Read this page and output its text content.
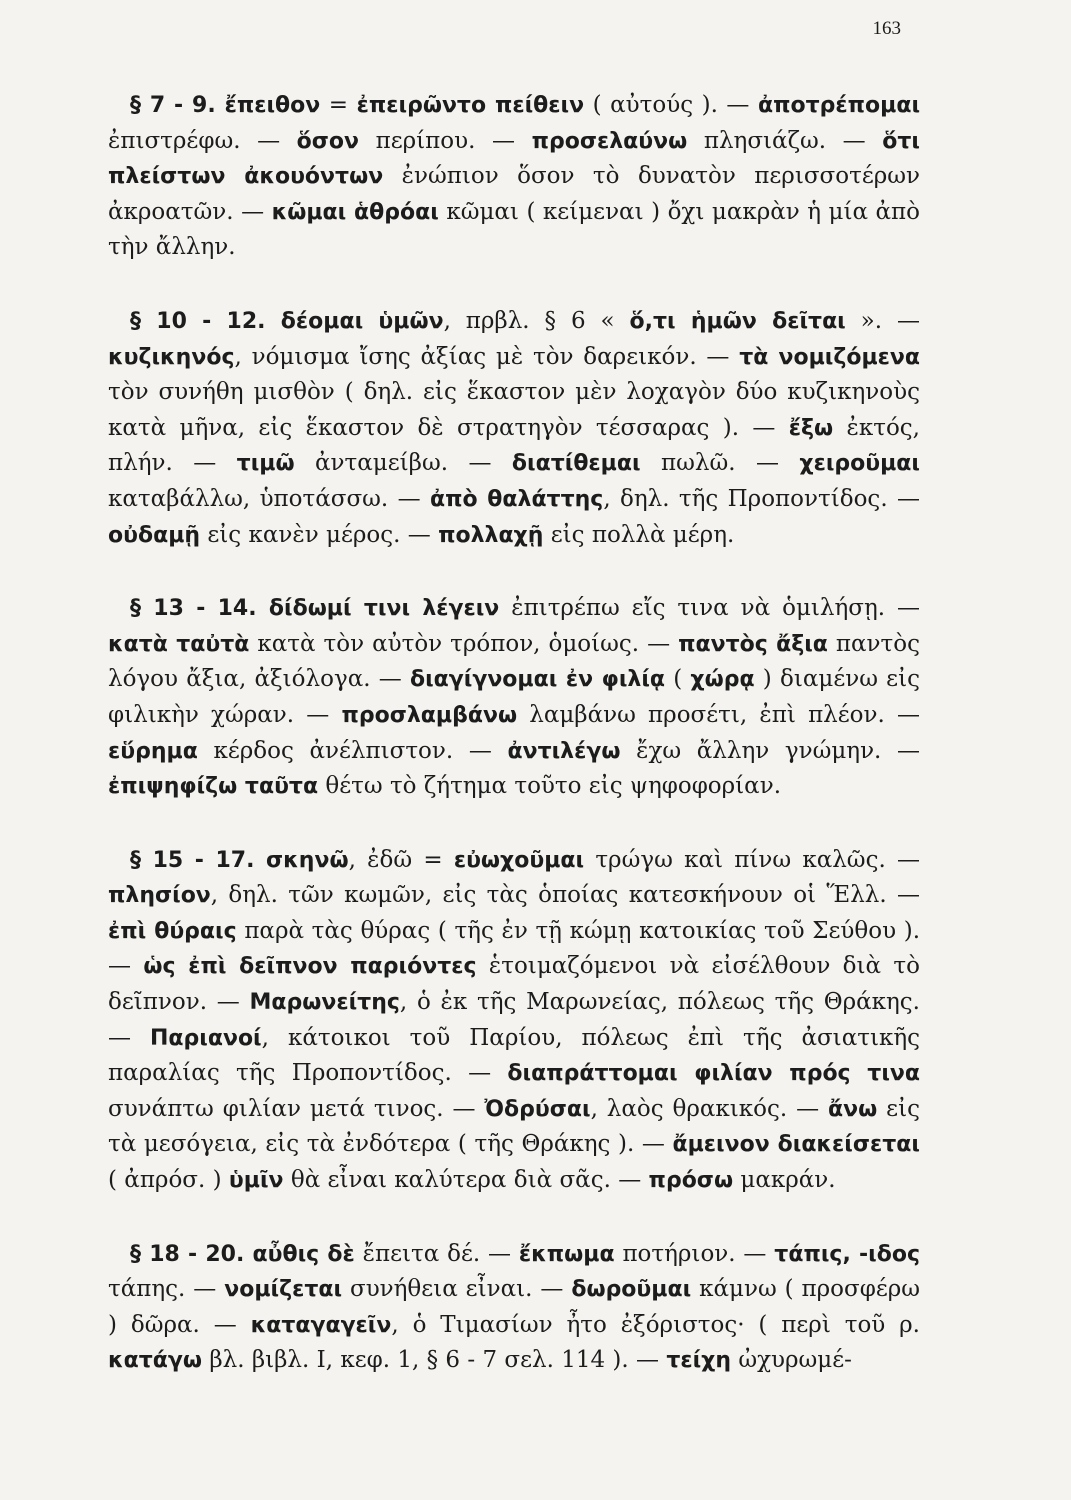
163

§ 7 - 9. ἔπειθον = ἐπειρῶντο πείθειν ( αὐτούς ). — ἀποτρέπομαι ἐπιστρέφω. — ὅσον περίπου. — προσελαύνω πλησιάζω. — ὅτι πλείστων ἀκουόντων ἐνώπιον ὅσον τὸ δυνατὸν περισσοτέρων ἀκροατῶν. — κῶμαι ἁθρόαι κῶμαι ( κείμεναι ) ὄχι μακρὰν ἡ μία ἀπὸ τὴν ἄλλην.

§ 10 - 12. δέομαι ὑμῶν, πρβλ. § 6 « ὅ,τι ἡμῶν δεῖται ». — κυζικηνός, νόμισμα ἴσης ἀξίας μὲ τὸν δαρεικόν. — τὰ νομιζόμενα τὸν συνήθη μισθὸν ( δηλ. εἰς ἕκαστον μὲν λοχαγὸν δύο κυζικηνοὺς κατὰ μῆνα, εἰς ἕκαστον δὲ στρατηγὸν τέσσαρας ). — ἔξω ἐκτός, πλήν. — τιμῶ ἀνταμείβω. — διατίθεμαι πωλῶ. — χειροῦμαι καταβάλλω, ὑποτάσσω. — ἀπὸ θαλάττης, δηλ. τῆς Προποντίδος. — οὐδαμῇ εἰς κανὲν μέρος. — πολλαχῇ εἰς πολλὰ μέρη.

§ 13 - 14. δίδωμί τινι λέγειν ἐπιτρέπω εἴς τινα νὰ ὁμιλήσῃ. — κατὰ ταὐτὰ κατὰ τὸν αὐτὸν τρόπον, ὁμοίως. — παντὸς ἄξια παντὸς λόγου ἄξια, ἀξιόλογα. — διαγίγνομαι ἐν φιλίᾳ ( χώρᾳ ) διαμένω εἰς φιλικὴν χώραν. — προσλαμβάνω λαμβάνω προσέτι, ἐπὶ πλέον. — εὕρημα κέρδος ἀνέλπιστον. — ἀντιλέγω ἔχω ἄλλην γνώμην. — ἐπιψηφίζω ταῦτα θέτω τὸ ζήτημα τοῦτο εἰς ψηφοφορίαν.

§ 15 - 17. σκηνῶ, ἐδῶ = εὐωχοῦμαι τρώγω καὶ πίνω καλῶς. — πλησίον, δηλ. τῶν κωμῶν, εἰς τὰς ὁποίας κατεσκήνουν οἱ Ἕλλ. — ἐπὶ θύραις παρὰ τὰς θύρας ( τῆς ἐν τῇ κώμῃ κατοικίας τοῦ Σεύθου ). — ὡς ἐπὶ δεῖπνον παριόντες ἑτοιμαζόμενοι νὰ εἰσέλθουν διὰ τὸ δεῖπνον. — Μαρωνείτης, ὁ ἐκ τῆς Μαρωνείας, πόλεως τῆς Θράκης. — Παριανοί, κάτοικοι τοῦ Παρίου, πόλεως ἐπὶ τῆς ἀσιατικῆς παραλίας τῆς Προποντίδος. — διαπράττομαι φιλίαν πρός τινα συνάπτω φιλίαν μετά τινος. — Ὀδρύσαι, λαὸς θρακικός. — ἄνω εἰς τὰ μεσόγεια, εἰς τὰ ἐνδότερα ( τῆς Θράκης ). — ἄμεινον διακείσεται ( ἀπρόσ. ) ὑμῖν θὰ εἶναι καλύτερα διὰ σᾶς. — πρόσω μακράν.

§ 18 - 20. αὖθις δὲ ἔπειτα δέ. — ἔκπωμα ποτήριον. — τάπις, -ιδος τάπης. — νομίζεται συνήθεια εἶναι. — δωροῦμαι κάμνω ( προσφέρω ) δῶρα. — καταγαγεῖν, ὁ Τιμασίων ἦτο ἐξόριστος· ( περὶ τοῦ ρ. κατάγω βλ. βιβλ. Ι, κεφ. 1, § 6 - 7 σελ. 114 ). — τείχη ὠχυρωμέ-
